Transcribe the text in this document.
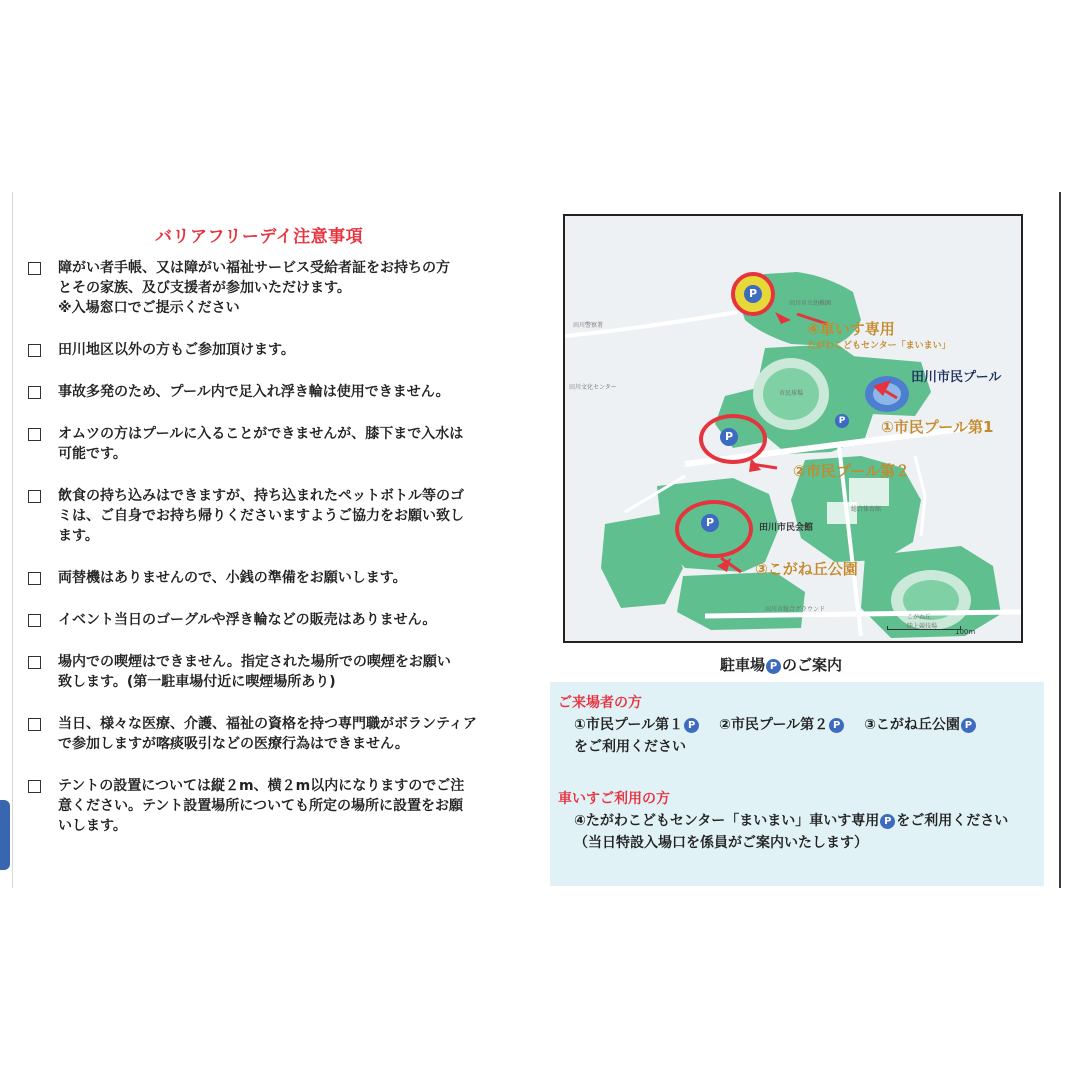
バリアフリーデイ注意事項
障がい者手帳、又は障がい福祉サービス受給者証をお持ちの方
とその家族、及び支援者が参加いただけます。
※入場窓口でご提示ください
田川地区以外の方もご参加頂けます。
事故多発のため、プール内で足入れ浮き輪は使用できません。
オムツの方はプールに入ることができませんが、膝下まで入水は
可能です。
飲食の持ち込みはできますが、持ち込まれたペットボトル等のゴ
ミは、ご自身でお持ち帰りくださいますようご協力をお願い致し
ます。
両替機はありませんので、小銭の準備をお願いします。
イベント当日のゴーグルや浮き輪などの販売はありません。
場内での喫煙はできません。指定された場所での喫煙をお願い
致します。(第一駐車場付近に喫煙場所あり)
当日、様々な医療、介護、福祉の資格を持つ専門職がボランティア
で参加しますが喀痰吸引などの医療行為はできません。
テントの設置については縦２m、横２m以内になりますのでご注
意ください。テント設置場所についても所定の場所に設置をお願
いします。
田川市立幼稚園
田川警察署
田川文化センター
市民球場
総合体育館
田川市総合グラウンド
こがね丘
陸上競技場
P
P
P
P
④車いす専用
たがわこどもセンター「まいまい」
田川市民プール
①市民プール第1
②市民プール第２
田川市民会館
③こがね丘公園
100m
駐車場 P のご案内
ご来場者の方
①市民プール第１ P ②市民プール第２ P ③こがね丘公園 P
をご利用ください
車いすご利用の方
④たがわこどもセンター「まいまい」車いす専用 P をご利用ください
（当日特設入場口を係員がご案内いたします）
